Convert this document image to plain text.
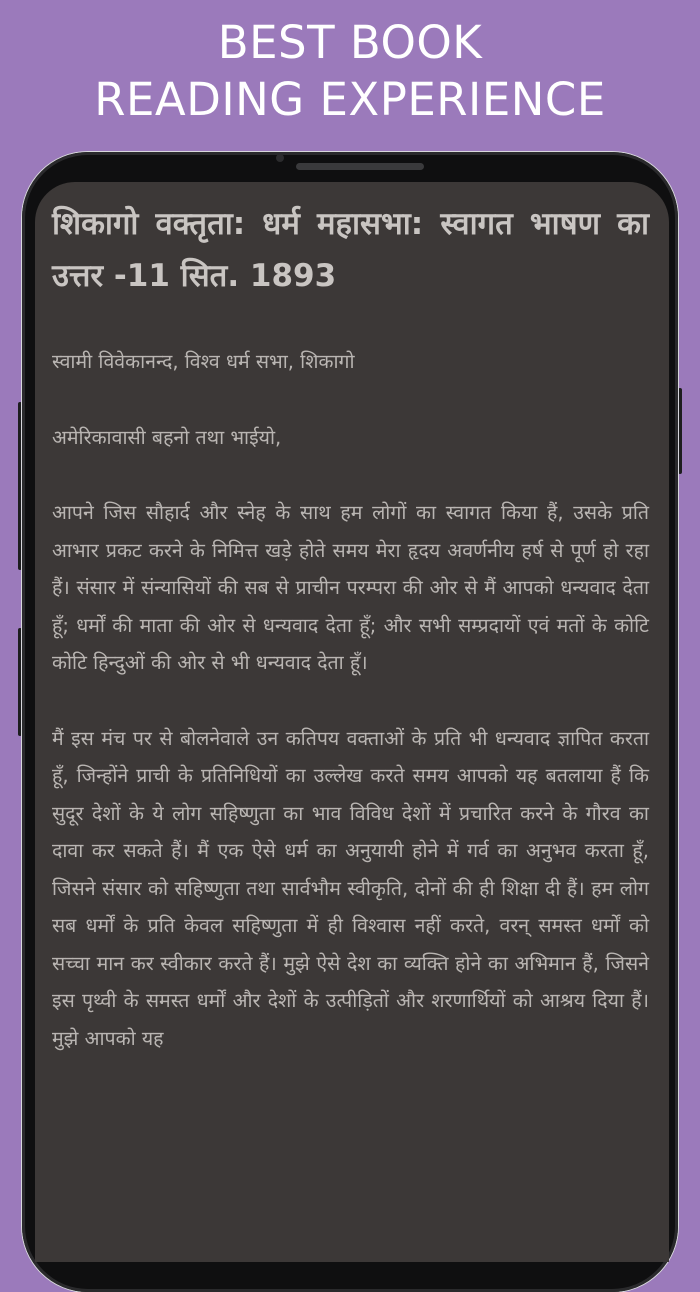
BEST BOOK
READING EXPERIENCE
शिकागो वक्तृता: धर्म महासभा: स्वागत भाषण का उत्तर -11 सित. 1893
स्वामी विवेकानन्द, विश्व धर्म सभा, शिकागो
अमेरिकावासी बहनो तथा भाईयो,
आपने जिस सौहार्द और स्नेह के साथ हम लोगों का स्वागत किया हैं, उसके प्रति आभार प्रकट करने के निमित्त खड़े होते समय मेरा हृदय अवर्णनीय हर्ष से पूर्ण हो रहा हैं। संसार में संन्यासियों की सब से प्राचीन परम्परा की ओर से मैं आपको धन्यवाद देता हूँ; धर्मों की माता की ओर से धन्यवाद देता हूँ; और सभी सम्प्रदायों एवं मतों के कोटि कोटि हिन्दुओं की ओर से भी धन्यवाद देता हूँ।
मैं इस मंच पर से बोलनेवाले उन कतिपय वक्ताओं के प्रति भी धन्यवाद ज्ञापित करता हूँ, जिन्होंने प्राची के प्रतिनिधियों का उल्लेख करते समय आपको यह बतलाया हैं कि सुदूर देशों के ये लोग सहिष्णुता का भाव विविध देशों में प्रचारित करने के गौरव का दावा कर सकते हैं। मैं एक ऐसे धर्म का अनुयायी होने में गर्व का अनुभव करता हूँ, जिसने संसार को सहिष्णुता तथा सार्वभौम स्वीकृति, दोनों की ही शिक्षा दी हैं। हम लोग सब धर्मों के प्रति केवल सहिष्णुता में ही विश्वास नहीं करते, वरन् समस्त धर्मों को सच्चा मान कर स्वीकार करते हैं। मुझे ऐसे देश का व्यक्ति होने का अभिमान हैं, जिसने इस पृथ्वी के समस्त धर्मों और देशों के उत्पीड़ितों और शरणार्थियों को आश्रय दिया हैं। मुझे आपको यह
